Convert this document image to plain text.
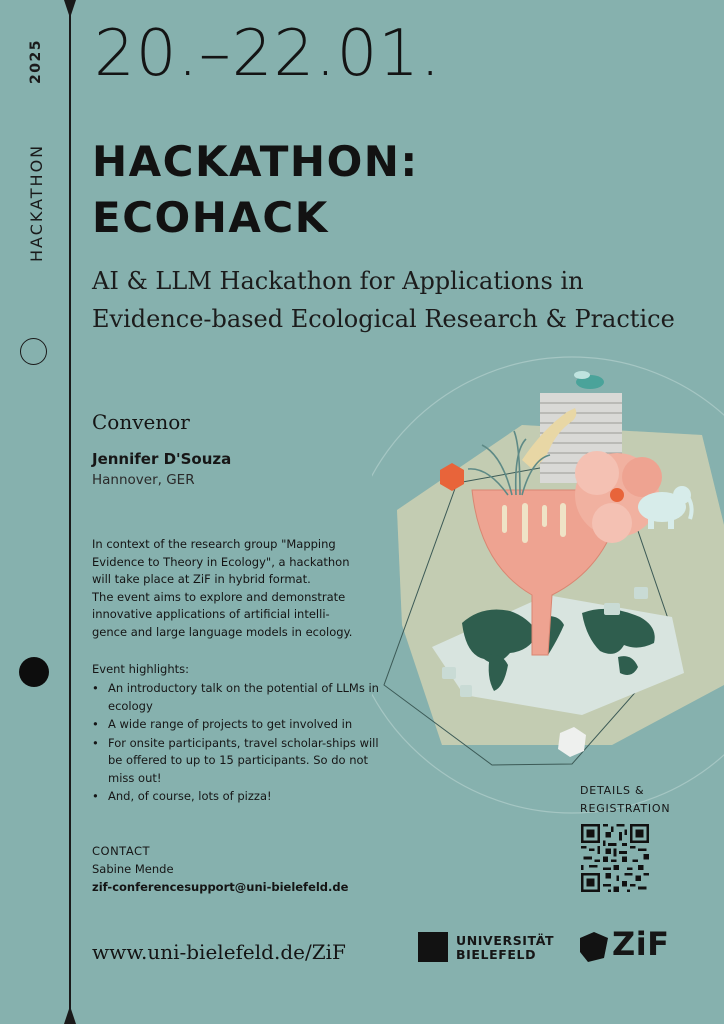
2025
HACKATHON
20.–22.01.
HACKATHON:
ECOHACK
AI & LLM Hackathon for Applications in
Evidence-based Ecological Research & Practice
Convenor
Jennifer D'Souza
Hannover, GER
In context of the research group "Mapping
Evidence to Theory in Ecology", a hackathon
will take place at ZiF in hybrid format.
The event aims to explore and demonstrate
innovative applications of artificial intelli-
gence and large language models in ecology.
Event highlights:
• An introductory talk on the potential of LLMs in ecology
• A wide range of projects to get involved in
• For onsite participants, travel scholar-ships will be offered to up to 15 participants. So do not miss out!
• And, of course, lots of pizza!
CONTACT
Sabine Mende
zif-conferencesupport@uni-bielefeld.de
www.uni-bielefeld.de/ZiF
DETAILS &
REGISTRATION
UNIVERSITÄT
BIELEFELD	ZiF
